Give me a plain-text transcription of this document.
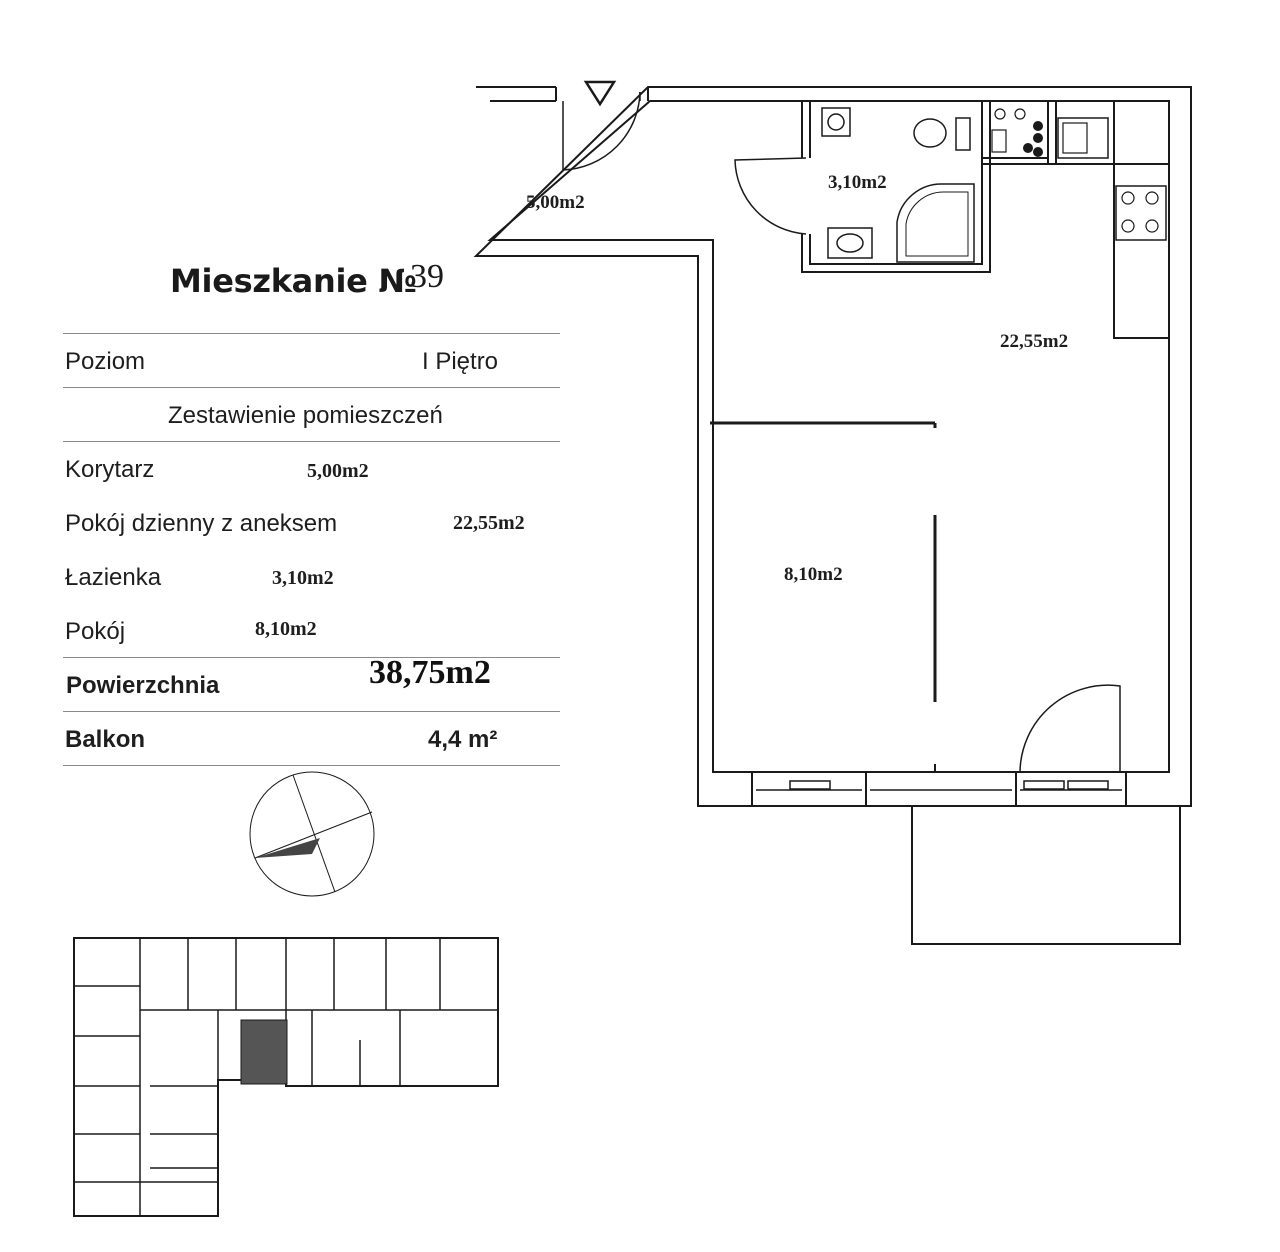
Mieszkanie №
39
Poziom	I Piętro
Zestawienie pomieszczeń
Korytarz	5,00m2
Pokój dzienny z aneksem	22,55m2
Łazienka	3,10m2
Pokój	8,10m2
Powierzchnia	38,75m2
Balkon	4,4 m²
5,00m2
3,10m2
22,55m2
8,10m2
